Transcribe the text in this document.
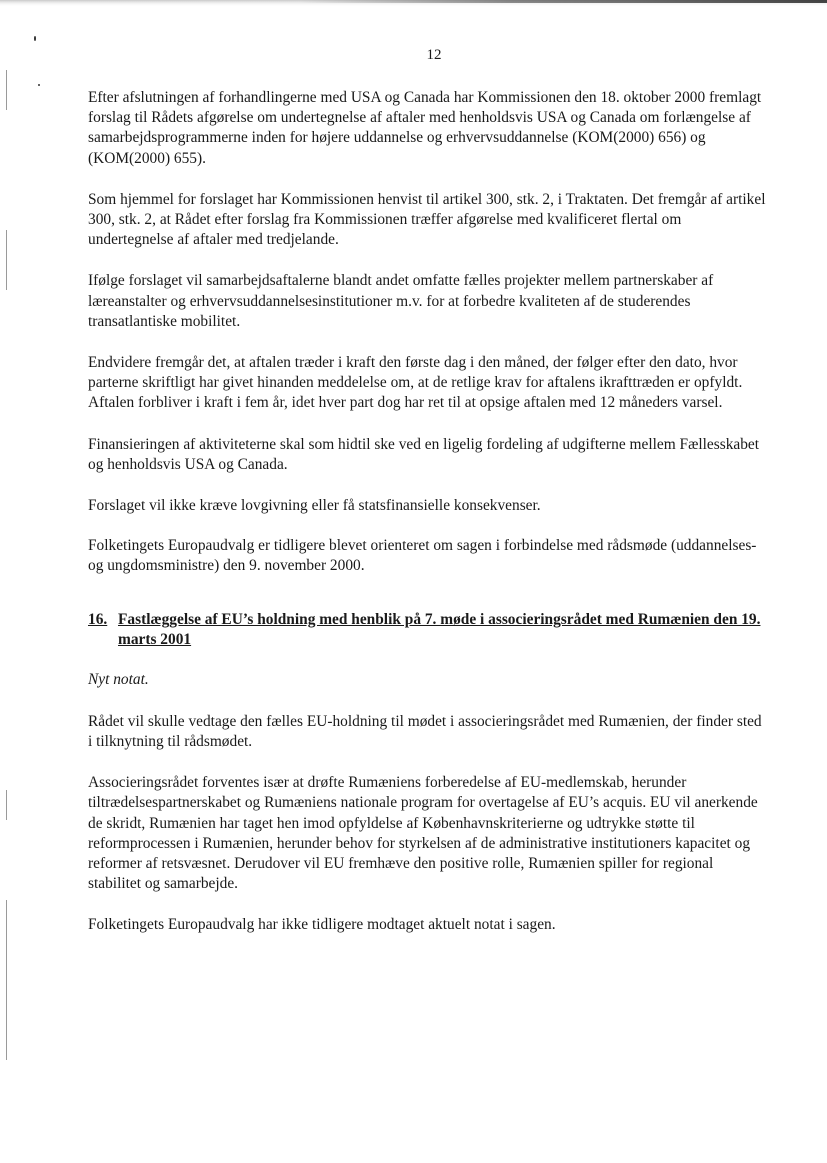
12

Efter afslutningen af forhandlingerne med USA og Canada har Kommissionen den 18. oktober 2000 fremlagt forslag til Rådets afgørelse om undertegnelse af aftaler med henholdsvis USA og Canada om forlængelse af samarbejdsprogrammerne inden for højere uddannelse og erhvervsuddannelse (KOM(2000) 656) og (KOM(2000) 655).

Som hjemmel for forslaget har Kommissionen henvist til artikel 300, stk. 2, i Traktaten. Det fremgår af artikel 300, stk. 2, at Rådet efter forslag fra Kommissionen træffer afgørelse med kvalificeret flertal om undertegnelse af aftaler med tredjelande.

Ifølge forslaget vil samarbejdsaftalerne blandt andet omfatte fælles projekter mellem partnerskaber af læreanstalter og erhvervsuddannelsesinstitutioner m.v. for at forbedre kvaliteten af de studerendes transatlantiske mobilitet.

Endvidere fremgår det, at aftalen træder i kraft den første dag i den måned, der følger efter den dato, hvor parterne skriftligt har givet hinanden meddelelse om, at de retlige krav for aftalens ikrafttræden er opfyldt. Aftalen forbliver i kraft i fem år, idet hver part dog har ret til at opsige aftalen med 12 måneders varsel.

Finansieringen af aktiviteterne skal som hidtil ske ved en ligelig fordeling af udgifterne mellem Fællesskabet og henholdsvis USA og Canada.

Forslaget vil ikke kræve lovgivning eller få statsfinansielle konsekvenser.

Folketingets Europaudvalg er tidligere blevet orienteret om sagen i forbindelse med rådsmøde (uddannelses- og ungdomsministre) den 9. november 2000.

16. Fastlæggelse af EU’s holdning med henblik på 7. møde i associeringsrådet med Rumænien den 19. marts 2001
Nyt notat.

Rådet vil skulle vedtage den fælles EU-holdning til mødet i associeringsrådet med Rumænien, der finder sted i tilknytning til rådsmødet.

Associeringsrådet forventes især at drøfte Rumæniens forberedelse af EU-medlemskab, herunder tiltrædelsespartnerskabet og Rumæniens nationale program for overtagelse af EU’s acquis. EU vil anerkende de skridt, Rumænien har taget hen imod opfyldelse af Københavnskriterierne og udtrykke støtte til reformprocessen i Rumænien, herunder behov for styrkelsen af de administrative institutioners kapacitet og reformer af retsvæsnet. Derudover vil EU fremhæve den positive rolle, Rumænien spiller for regional stabilitet og samarbejde.

Folketingets Europaudvalg har ikke tidligere modtaget aktuelt notat i sagen.
